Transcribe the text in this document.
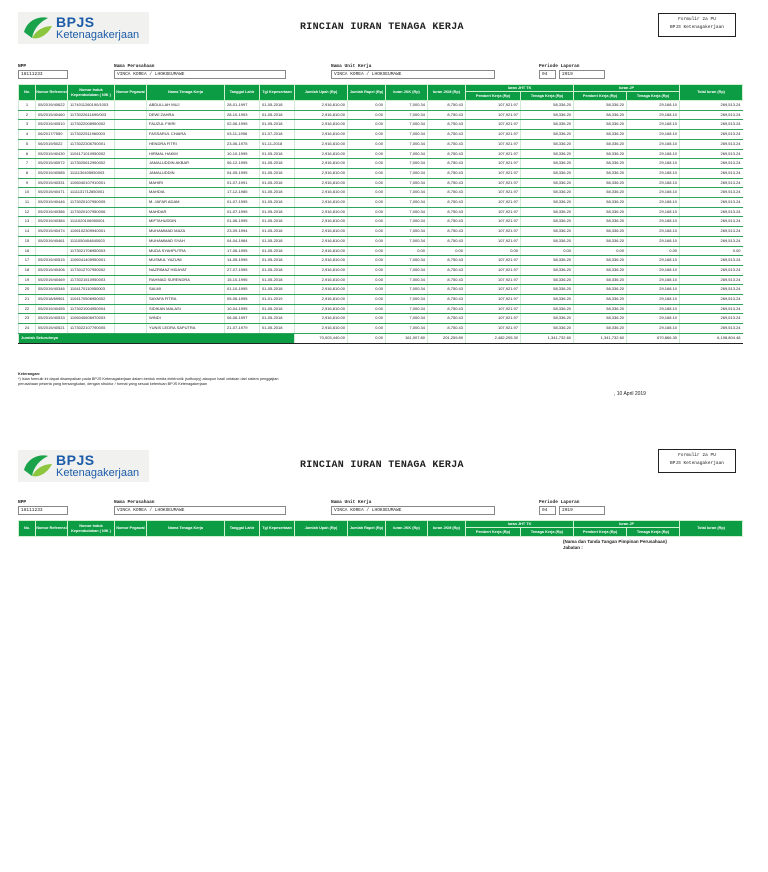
BPJS
Ketenagakerjaan
RINCIAN IURAN TENAGA KERJA
Formulir 2a PU
BPJS Ketenagakerjaan
NPP
18111233
Nama Perusahaan
VINCA KOREA / LHOKSEUMAWE
Nama Unit Kerja
VINCA KOREA / LHOKSEUMAWE
Periode Laporan
04	2019
No.	Nomor Referensi	Nomor Induk Kependudukan ( NIK )	Nomor Pegawai	Nama Tenaga Kerja	Tanggal Lahir	Tgl Kepesertaan	Jumlah Upah (Rp)	Jumlah Rapel (Rp)	Iuran JKK (Rp)	Iuran JKM (Rp)	Iuran JHT TK		Iuran JP		Total Iuran (Rp)
											Pemberi Kerja (Rp)	Tenaga Kerja (Rp)	Pemberi Kerja (Rp)	Tenaga Kerja (Rp)	
1	05/2019/40622	1174011260190/1003		ABDULLAH MUJ	28-01-1997	01-05-2018	2,916,810.00	0.00	7,000.34	8,750.43	107,921.97	58,336.20	58,336.20	29,168.10	269,513.24
2	05/2019/40460	1173022611690/003		DEWI ZAHRA	28-10-1993	01-05-2018	2,916,810.00	0.00	7,000.34	8,750.43	107,921.97	58,336.20	58,336.20	29,168.10	269,513.24
3	05/2019/40510	1173022008950002		FAUZUL FIKRI	02-06-1995	01-05-2018	2,916,810.00	0.00	7,000.34	8,750.43	107,921.97	58,336.20	58,336.20	29,168.10	269,513.24
4	06/2017/7550	1173022511960003		FASSARUL CHAIRA	03-11-1996	01-07-2018	2,916,810.00	0.00	7,000.34	8,750.43	107,921.97	58,336.20	58,336.20	29,168.10	269,513.24
5	06/2019/5022	1173022306750001		HENDRA FITRI	23-06-1975	01-11-2018	2,916,810.00	0.00	7,000.34	8,750.43	107,921.97	58,336.20	58,336.20	29,168.10	269,513.24
6	05/2019/40430	1104171010950002		HIRMAL HAKIM	10-10-1995	01-05-2018	2,916,810.00	0.00	7,000.34	8,750.43	107,921.97	58,336.20	58,336.20	29,168.10	269,513.24
7	05/2019/40572	1173020612950002		JAMALUDDIN AKBAR	06-12-1995	01-05-2018	2,916,810.00	0.00	7,000.34	8,750.43	107,921.97	58,336.20	58,336.20	29,168.10	269,513.24
8	05/2019/40585	1111130405950003		JAMALUDDIN	04-05-1995	01-05-2018	2,916,810.00	0.00	7,000.34	8,750.43	107,921.97	58,336.20	58,336.20	29,168.10	269,513.24
9	05/2019/40331	1106040107910001		MAHIRI	01-07-1991	01-05-2018	2,916,810.00	0.00	7,000.34	8,750.43	107,921.97	58,336.20	58,336.20	29,168.10	269,513.24
10	05/2019/40471	1111131712850001		MAHDIA	17-12-1985	01-05-2018	2,916,810.00	0.00	7,000.34	8,750.43	107,921.97	58,336.20	58,336.20	29,168.10	269,513.24
11	05/2019/40446	1173020107950005		M. JAFAR ADAM	01-07-1995	01-05-2018	2,916,810.00	0.00	7,000.34	8,750.43	107,921.97	58,336.20	58,336.20	29,168.10	269,513.24
12	05/2019/40386	1173020107950006		MAHDAR	01-07-1995	01-05-2018	2,916,810.00	0.00	7,000.34	8,750.43	107,921.97	58,336.20	58,336.20	29,168.10	269,513.24
13	05/2019/40384	1111020106950001		MIFTAHUDDIN	01-06-1995	01-05-2018	2,916,810.00	0.00	7,000.34	8,750.43	107,921.97	58,336.20	58,336.20	29,168.10	269,513.24
14	05/2019/40474	1106102309940001		MUHAMMAD MAZA	23-09-1994	01-05-2018	2,916,810.00	0.00	7,000.34	8,750.43	107,921.97	58,336.20	58,336.20	29,168.10	269,513.24
15	05/2019/40461	1111050404840003		MUHAMMAD SYAH	04-04-1984	01-05-2018	2,916,810.00	0.00	7,000.34	8,750.43	107,921.97	58,336.20	58,336.20	29,168.10	269,513.24
16		1173021706950003		MUDA SYAHPUTRA	17-06-1995	01-05-2018	2,916,810.00	0.00	0.00	0.00	0.00	0.00	0.00	0.00	0.00
17	05/2019/40515	1106041405950001		MUSMUL YAZUNI	14-05-1995	01-05-2018	2,916,810.00	0.00	7,000.34	8,750.43	107,921.97	58,336.20	58,336.20	29,168.10	269,513.24
18	05/2019/40406	1173012707950002		NAZRIMAZ HIDAYAT	27-07-1995	01-05-2018	2,916,810.00	0.00	7,000.34	8,750.43	107,921.97	58,336.20	58,336.20	29,168.10	269,513.24
19	05/2019/40469	1173021510950003		RAHMAD SURENDRA	15-10-1995	01-05-2018	2,916,810.00	0.00	7,000.34	8,750.43	107,921.97	58,336.20	58,336.20	29,168.10	269,513.24
20	05/2019/40346	1104170110950003		SALMI	01-10-1995	01-05-2018	2,916,810.00	0.00	7,000.34	8,750.43	107,921.97	58,336.20	58,336.20	29,168.10	269,513.24
21	05/2018/69961	1104170506950002		SAYAFA FITRA	05-06-1995	01-01-2019	2,916,810.00	0.00	7,000.34	8,750.43	107,921.97	58,336.20	58,336.20	29,168.10	269,513.24
22	05/2019/40455	1173021004950004		SIDIKAN MALASI	10-04-1995	01-05-2018	2,916,810.00	0.00	7,000.34	8,750.43	107,921.97	58,336.20	58,336.20	29,168.10	269,513.24
23	05/2019/40533	1106040606970003		WINDI	06-06-1997	01-05-2018	2,916,810.00	0.00	7,000.34	8,750.43	107,921.97	58,336.20	58,336.20	29,168.10	269,513.24
24	05/2019/40521	1173022107790005		YUNIS LEDRA SAPUTRA	21-07-1979	01-05-2018	2,916,810.00	0.00	7,000.34	8,750.43	107,921.97	58,336.20	58,336.20	29,168.10	269,513.24
Jumlah Seluruhnya							70,003,440.00	0.00	161,007.80	201,259.89	2,482,205.30	1,341,732.60	1,341,732.60	670,866.30	6,198,804.48
Keterangan:
*) Isian formulir ini dapat disampaikan pada BPJS Ketenagakerjaan dalam bentuk media elektronik (softcopy) ataupun hasil cetakan dari sistem penggajian perusahaan peserta yang bersangkutan, dengan struktur / format yang sesuai ketentuan BPJS Ketenagakerjaan
, 10 April 2019
BPJS
Ketenagakerjaan
RINCIAN IURAN TENAGA KERJA
Formulir 2a PU
BPJS Ketenagakerjaan
NPP
18111233
Nama Perusahaan
VINCA KOREA / LHOKSEUMAWE
Nama Unit Kerja
VINCA KOREA / LHOKSEUMAWE
Periode Laporan
04	2019
No.	Nomor Referensi	Nomor Induk Kependudukan ( NIK )	Nomor Pegawai	Nama Tenaga Kerja	Tanggal Lahir	Tgl Kepesertaan	Jumlah Upah (Rp)	Jumlah Rapel (Rp)	Iuran JKK (Rp)	Iuran JKM (Rp)	Iuran JHT TK		Iuran JP		Total Iuran (Rp)
											Pemberi Kerja (Rp)	Tenaga Kerja (Rp)	Pemberi Kerja (Rp)	Tenaga Kerja (Rp)	
(Nama dan Tanda Tangan Pimpinan Perusahaan)
Jabatan :
